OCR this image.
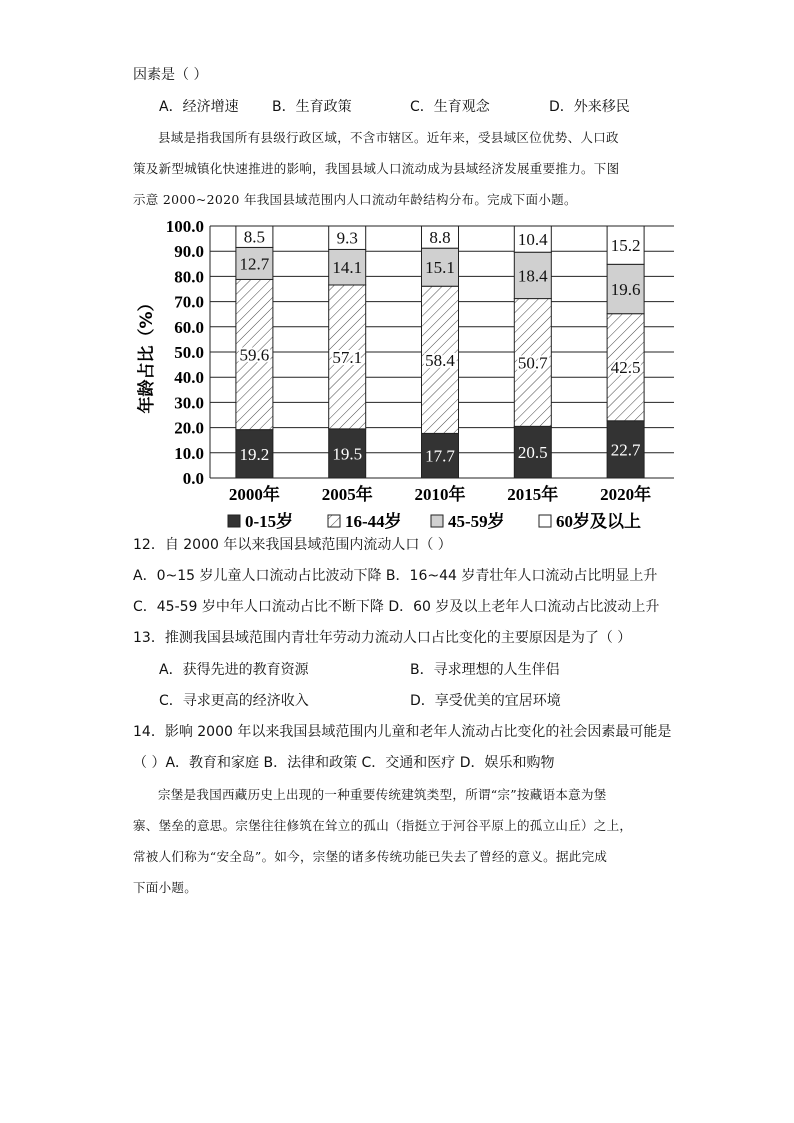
因素是（ ）
A．经济增速 B．生育政策	C．生育观念	D．外来移民
县域是指我国所有县级行政区域，不含市辖区。近年来，受县域区位优势、人口政
策及新型城镇化快速推进的影响，我国县域人口流动成为县域经济发展重要推力。下图
示意 2000~2020 年我国县域范围内人口流动年龄结构分布。完成下面小题。
年龄占比（%）
0.0
10.0
20.0
30.0
40.0
50.0
60.0
70.0
80.0
90.0
100.0
19.2
59.6
12.7
8.5
19.5
57.1
14.1
9.3
17.7
58.4
15.1
8.8
20.5
50.7
18.4
10.4
22.7
42.5
19.6
15.2
2000年 2005年 2010年 2015年 2020年
0-15岁	16-44岁	45-59岁	60岁及以上
12．自 2000 年以来我国县域范围内流动人口（ ）
A．0~15 岁儿童人口流动占比波动下降 B．16~44 岁青壮年人口流动占比明显上升
C．45-59 岁中年人口流动占比不断下降 D．60 岁及以上老年人口流动占比波动上升
13．推测我国县域范围内青壮年劳动力流动人口占比变化的主要原因是为了（ ）
A．获得先进的教育资源	B．寻求理想的人生伴侣
C．寻求更高的经济收入	D．享受优美的宜居环境
14．影响 2000 年以来我国县域范围内儿童和老年人流动占比变化的社会因素最可能是
（ ）A．教育和家庭 B．法律和政策 C．交通和医疗 D．娱乐和购物
宗堡是我国西藏历史上出现的一种重要传统建筑类型，所谓“宗”按藏语本意为堡
寨、堡垒的意思。宗堡往往修筑在耸立的孤山（指挺立于河谷平原上的孤立山丘）之上，
常被人们称为“安全岛”。如今，宗堡的诸多传统功能已失去了曾经的意义。据此完成
下面小题。
